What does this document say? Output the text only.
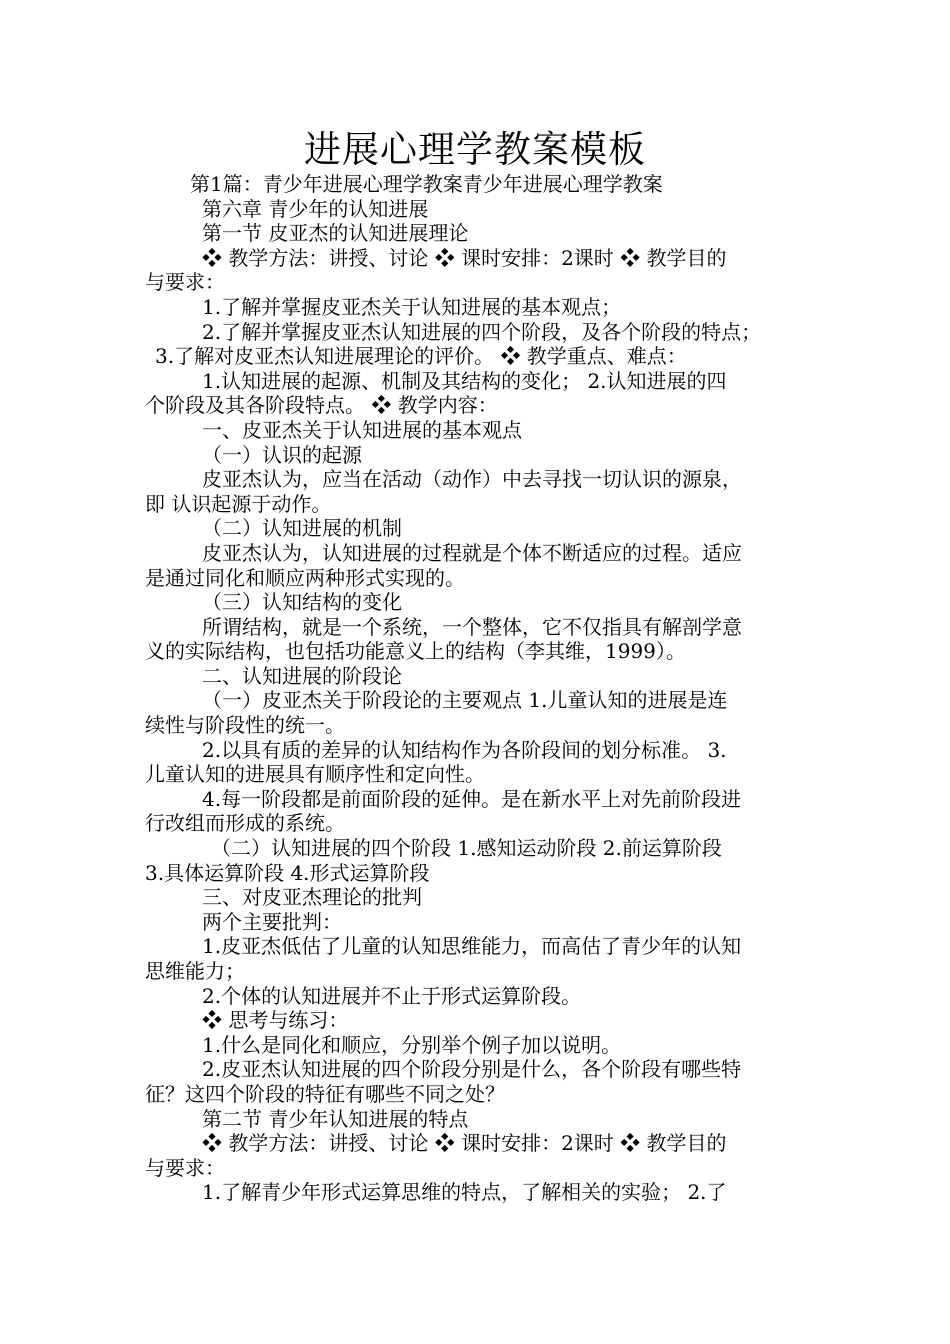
进展心理学教案模板
第1篇：青少年进展心理学教案青少年进展心理学教案
第六章 青少年的认知进展
第一节 皮亚杰的认知进展理论
❖ 教学方法：讲授、讨论 ❖ 课时安排：2课时 ❖ 教学目的
与要求：
1.了解并掌握皮亚杰关于认知进展的基本观点；
2.了解并掌握皮亚杰认知进展的四个阶段，及各个阶段的特点；
3.了解对皮亚杰认知进展理论的评价。 ❖ 教学重点、难点：
1.认知进展的起源、机制及其结构的变化； 2.认知进展的四
个阶段及其各阶段特点。 ❖ 教学内容：
一、皮亚杰关于认知进展的基本观点
（一）认识的起源
皮亚杰认为，应当在活动（动作）中去寻找一切认识的源泉，
即 认识起源于动作。
（二）认知进展的机制
皮亚杰认为，认知进展的过程就是个体不断适应的过程。适应
是通过同化和顺应两种形式实现的。
（三）认知结构的变化
所谓结构，就是一个系统，一个整体，它不仅指具有解剖学意
义的实际结构，也包括功能意义上的结构（李其维，1999）。
二、认知进展的阶段论
（一）皮亚杰关于阶段论的主要观点 1.儿童认知的进展是连
续性与阶段性的统一。
2.以具有质的差异的认知结构作为各阶段间的划分标准。 3.
儿童认知的进展具有顺序性和定向性。
4.每一阶段都是前面阶段的延伸。是在新水平上对先前阶段进
行改组而形成的系统。
（二）认知进展的四个阶段 1.感知运动阶段 2.前运算阶段
3.具体运算阶段 4.形式运算阶段
三、对皮亚杰理论的批判
两个主要批判：
1.皮亚杰低估了儿童的认知思维能力，而高估了青少年的认知
思维能力；
2.个体的认知进展并不止于形式运算阶段。
❖ 思考与练习：
1.什么是同化和顺应，分别举个例子加以说明。
2.皮亚杰认知进展的四个阶段分别是什么，各个阶段有哪些特
征？这四个阶段的特征有哪些不同之处？
第二节 青少年认知进展的特点
❖ 教学方法：讲授、讨论 ❖ 课时安排：2课时 ❖ 教学目的
与要求：
1.了解青少年形式运算思维的特点，了解相关的实验； 2.了
